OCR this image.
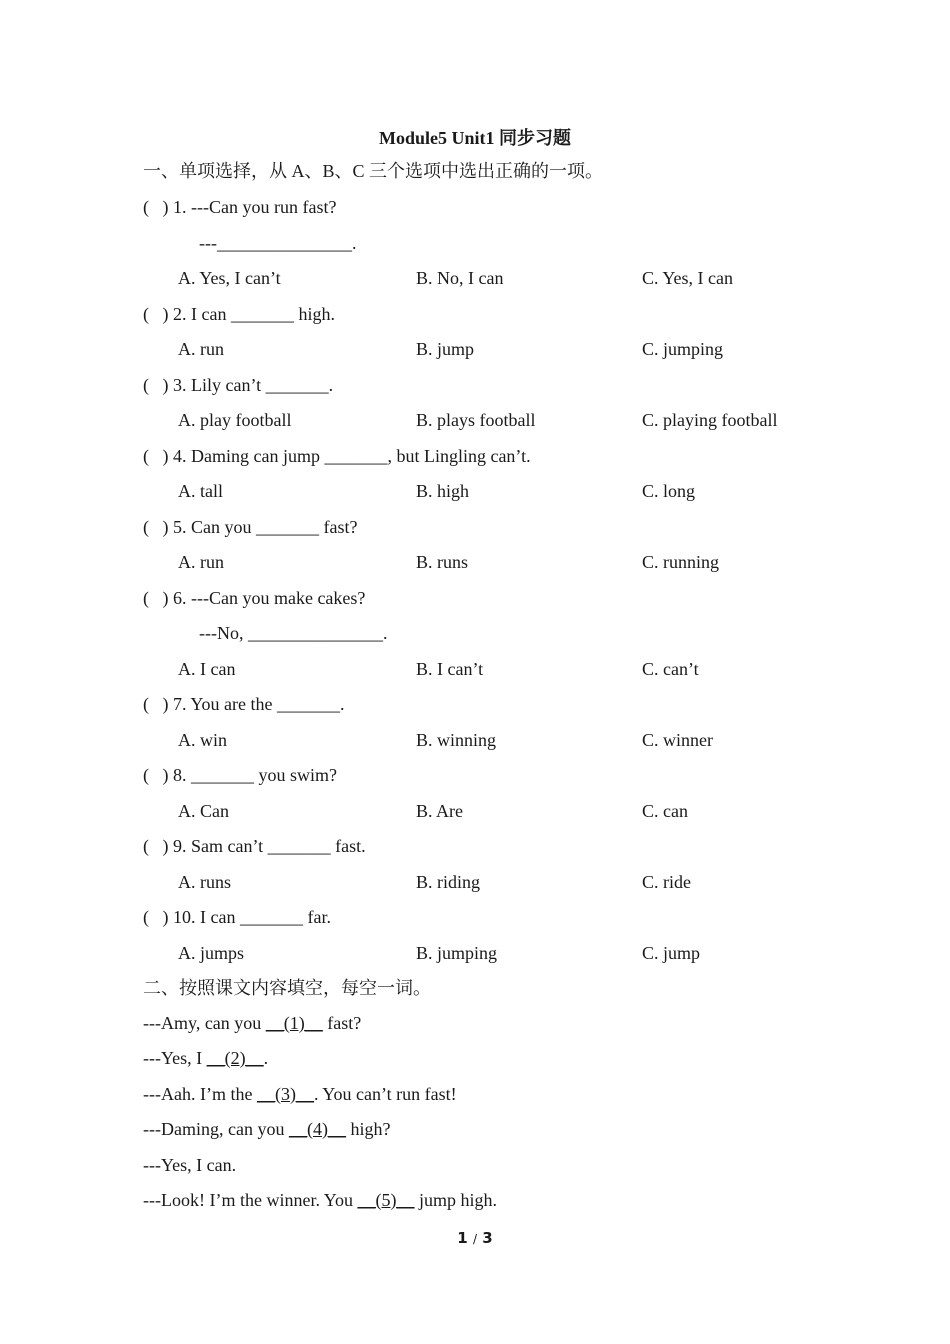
Module5 Unit1 同步习题
一、单项选择，从 A、B、C 三个选项中选出正确的一项。
(   ) 1. ---Can you run fast?
---_______________.
A. Yes, I can’t	B. No, I can	C. Yes, I can
(   ) 2. I can _______ high.
A. run	B. jump	C. jumping
(   ) 3. Lily can’t _______.
A. play football	B. plays football	C. playing football
(   ) 4. Daming can jump _______, but Lingling can’t.
A. tall	B. high	C. long
(   ) 5. Can you _______ fast?
A. run	B. runs	C. running
(   ) 6. ---Can you make cakes?
---No, _______________.
A. I can	B. I can’t	C. can’t
(   ) 7. You are the _______.
A. win	B. winning	C. winner
(   ) 8. _______ you swim?
A. Can	B. Are	C. can
(   ) 9. Sam can’t _______ fast.
A. runs	B. riding	C. ride
(   ) 10. I can _______ far.
A. jumps	B. jumping	C. jump
二、按照课文内容填空，每空一词。
---Amy, can you __(1)__ fast?
---Yes, I __(2)__.
---Aah. I’m the __(3)__. You can’t run fast!
---Daming, can you __(4)__ high?
---Yes, I can.
---Look! I’m the winner. You __(5)__ jump high.
1 / 3
